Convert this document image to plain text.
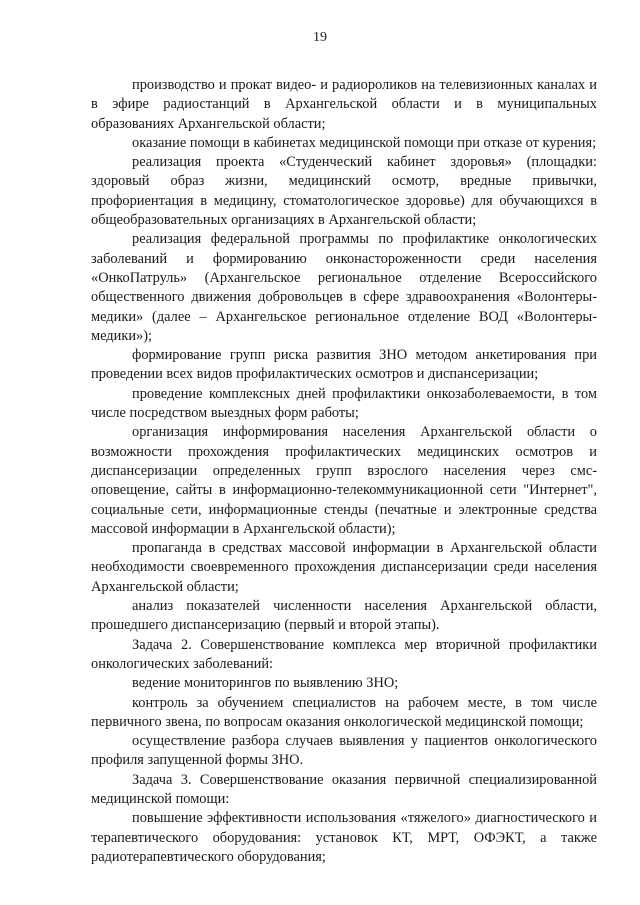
19

производство и прокат видео- и радиороликов на телевизионных каналах и в эфире радиостанций в Архангельской области и в муниципальных образованиях Архангельской области;

оказание помощи в кабинетах медицинской помощи при отказе от курения;

реализация проекта «Студенческий кабинет здоровья» (площадки: здоровый образ жизни, медицинский осмотр, вредные привычки, профориентация в медицину, стоматологическое здоровье) для обучающихся в общеобразовательных организациях в Архангельской области;

реализация федеральной программы по профилактике онкологических заболеваний и формированию онконастороженности среди населения «ОнкоПатруль» (Архангельское региональное отделение Всероссийского общественного движения добровольцев в сфере здравоохранения «Волонтеры-медики» (далее – Архангельское региональное отделение ВОД «Волонтеры-медики»);

формирование групп риска развития ЗНО методом анкетирования при проведении всех видов профилактических осмотров и диспансеризации;

проведение комплексных дней профилактики онкозаболеваемости, в том числе посредством выездных форм работы;

организация информирования населения Архангельской области о возможности прохождения профилактических медицинских осмотров и диспансеризации определенных групп взрослого населения через смс-оповещение, сайты в информационно-телекоммуникационной сети "Интернет", социальные сети, информационные стенды (печатные и электронные средства массовой информации в Архангельской области);

пропаганда в средствах массовой информации в Архангельской области необходимости своевременного прохождения диспансеризации среди населения Архангельской области;

анализ показателей численности населения Архангельской области, прошедшего диспансеризацию (первый и второй этапы).

Задача 2. Совершенствование комплекса мер вторичной профилактики онкологических заболеваний:

ведение мониторингов по выявлению ЗНО;

контроль за обучением специалистов на рабочем месте, в том числе первичного звена, по вопросам оказания онкологической медицинской помощи;

осуществление разбора случаев выявления у пациентов онкологического профиля запущенной формы ЗНО.

Задача 3. Совершенствование оказания первичной специализированной медицинской помощи:

повышение эффективности использования «тяжелого» диагностического и терапевтического оборудования: установок КТ, МРТ, ОФЭКТ, а также радиотерапевтического оборудования;
